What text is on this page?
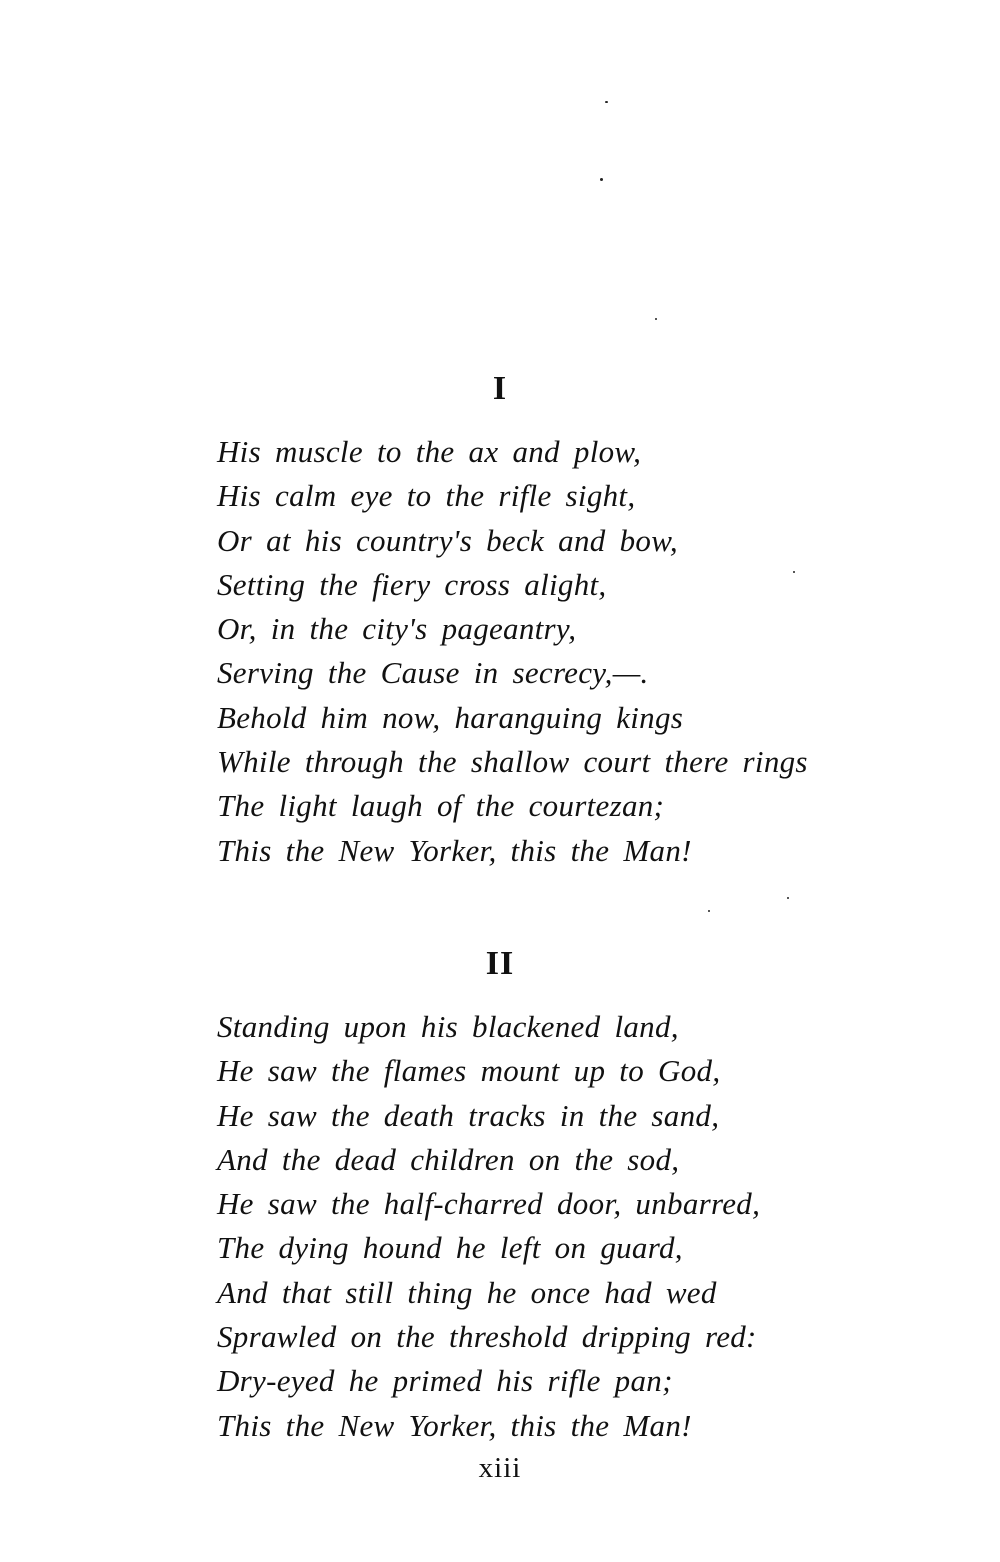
I
His muscle to the ax and plow,
His calm eye to the rifle sight,
Or at his country's beck and bow,
Setting the fiery cross alight,
Or, in the city's pageantry,
Serving the Cause in secrecy,—.
Behold him now, haranguing kings
While through the shallow court there rings
The light laugh of the courtezan;
This the New Yorker, this the Man!
II
Standing upon his blackened land,
He saw the flames mount up to God,
He saw the death tracks in the sand,
And the dead children on the sod,
He saw the half-charred door, unbarred,
The dying hound he left on guard,
And that still thing he once had wed
Sprawled on the threshold dripping red:
Dry-eyed he primed his rifle pan;
This the New Yorker, this the Man!
xiii
